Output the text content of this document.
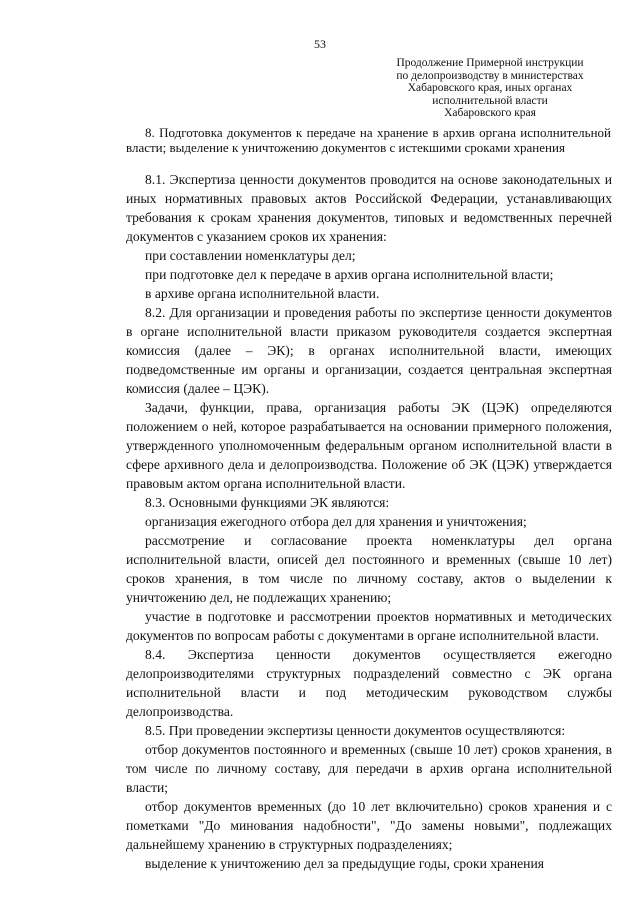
53
Продолжение Примерной инструкции
по делопроизводству в министерствах
Хабаровского края, иных органах
исполнительной власти
Хабаровского края
8. Подготовка документов к передаче на хранение в архив органа исполнительной власти; выделение к уничтожению документов с истекшими сроками хранения

8.1. Экспертиза ценности документов проводится на основе законодательных и иных нормативных правовых актов Российской Федерации, устанавливающих требования к срокам хранения документов, типовых и ведомственных перечней документов с указанием сроков их хранения:

при составлении номенклатуры дел;

при подготовке дел к передаче в архив органа исполнительной власти;

в архиве органа исполнительной власти.

8.2. Для организации и проведения работы по экспертизе ценности документов в органе исполнительной власти приказом руководителя создается экспертная комиссия (далее – ЭК); в органах исполнительной власти, имеющих подведомственные им органы и организации, создается центральная экспертная комиссия (далее – ЦЭК).

Задачи, функции, права, организация работы ЭК (ЦЭК) определяются положением о ней, которое разрабатывается на основании примерного положения, утвержденного уполномоченным федеральным органом исполнительной власти в сфере архивного дела и делопроизводства. Положение об ЭК (ЦЭК) утверждается правовым актом органа исполнительной власти.

8.3. Основными функциями ЭК являются:

организация ежегодного отбора дел для хранения и уничтожения;

рассмотрение и согласование проекта номенклатуры дел органа исполнительной власти, описей дел постоянного и временных (свыше 10 лет) сроков хранения, в том числе по личному составу, актов о выделении к уничтожению дел, не подлежащих хранению;

участие в подготовке и рассмотрении проектов нормативных и методических документов по вопросам работы с документами в органе исполнительной власти.

8.4. Экспертиза ценности документов осуществляется ежегодно делопроизводителями структурных подразделений совместно с ЭК органа исполнительной власти и под методическим руководством службы делопроизводства.

8.5. При проведении экспертизы ценности документов осуществляются:

отбор документов постоянного и временных (свыше 10 лет) сроков хранения, в том числе по личному составу, для передачи в архив органа исполнительной власти;

отбор документов временных (до 10 лет включительно) сроков хранения и с пометками "До минования надобности", "До замены новыми", подлежащих дальнейшему хранению в структурных подразделениях;

выделение к уничтожению дел за предыдущие годы, сроки хранения
